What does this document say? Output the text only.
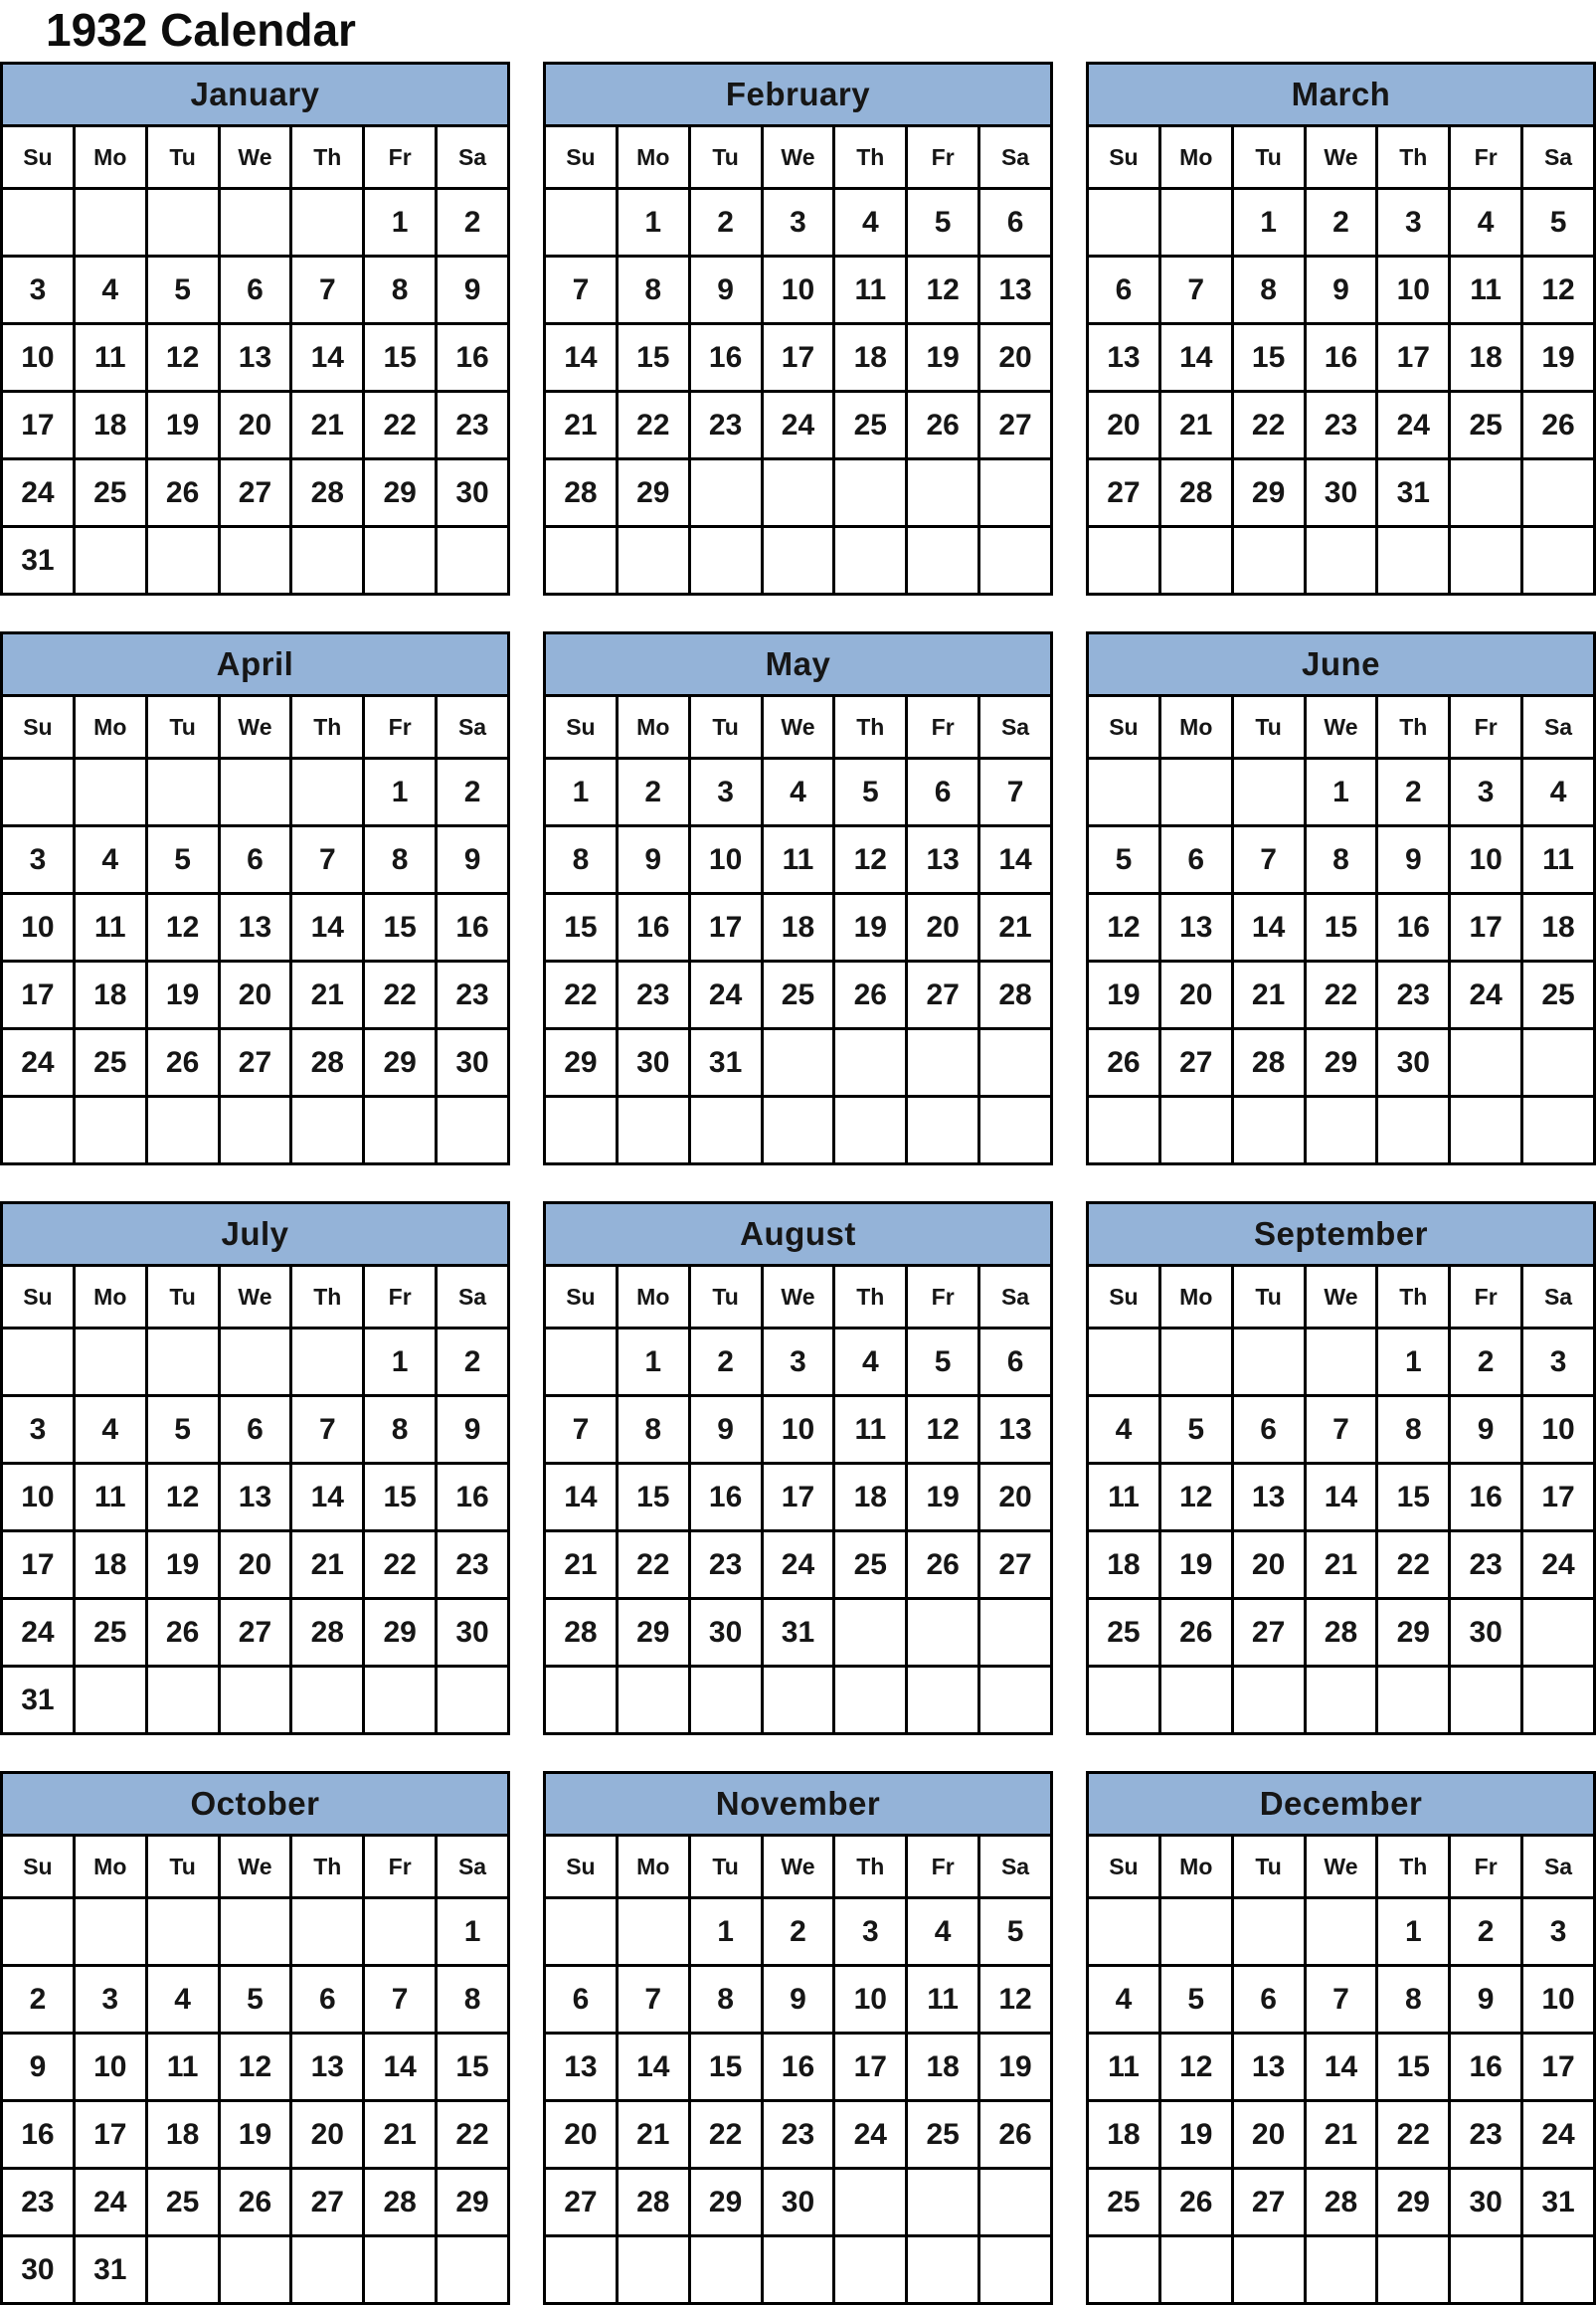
1932 Calendar
January						
Su	Mo	Tu	We	Th	Fr	Sa
					1	2
3	4	5	6	7	8	9
10	11	12	13	14	15	16
17	18	19	20	21	22	23
24	25	26	27	28	29	30
31						
February						
Su	Mo	Tu	We	Th	Fr	Sa
	1	2	3	4	5	6
7	8	9	10	11	12	13
14	15	16	17	18	19	20
21	22	23	24	25	26	27
28	29					

March						
Su	Mo	Tu	We	Th	Fr	Sa
		1	2	3	4	5
6	7	8	9	10	11	12
13	14	15	16	17	18	19
20	21	22	23	24	25	26
27	28	29	30	31		

April						
Su	Mo	Tu	We	Th	Fr	Sa
					1	2
3	4	5	6	7	8	9
10	11	12	13	14	15	16
17	18	19	20	21	22	23
24	25	26	27	28	29	30

May						
Su	Mo	Tu	We	Th	Fr	Sa
1	2	3	4	5	6	7
8	9	10	11	12	13	14
15	16	17	18	19	20	21
22	23	24	25	26	27	28
29	30	31				

June						
Su	Mo	Tu	We	Th	Fr	Sa
			1	2	3	4
5	6	7	8	9	10	11
12	13	14	15	16	17	18
19	20	21	22	23	24	25
26	27	28	29	30		

July						
Su	Mo	Tu	We	Th	Fr	Sa
					1	2
3	4	5	6	7	8	9
10	11	12	13	14	15	16
17	18	19	20	21	22	23
24	25	26	27	28	29	30
31						
August						
Su	Mo	Tu	We	Th	Fr	Sa
	1	2	3	4	5	6
7	8	9	10	11	12	13
14	15	16	17	18	19	20
21	22	23	24	25	26	27
28	29	30	31			

September						
Su	Mo	Tu	We	Th	Fr	Sa
				1	2	3
4	5	6	7	8	9	10
11	12	13	14	15	16	17
18	19	20	21	22	23	24
25	26	27	28	29	30	

October						
Su	Mo	Tu	We	Th	Fr	Sa
						1
2	3	4	5	6	7	8
9	10	11	12	13	14	15
16	17	18	19	20	21	22
23	24	25	26	27	28	29
30	31					
November						
Su	Mo	Tu	We	Th	Fr	Sa
		1	2	3	4	5
6	7	8	9	10	11	12
13	14	15	16	17	18	19
20	21	22	23	24	25	26
27	28	29	30			

December						
Su	Mo	Tu	We	Th	Fr	Sa
				1	2	3
4	5	6	7	8	9	10
11	12	13	14	15	16	17
18	19	20	21	22	23	24
25	26	27	28	29	30	31
